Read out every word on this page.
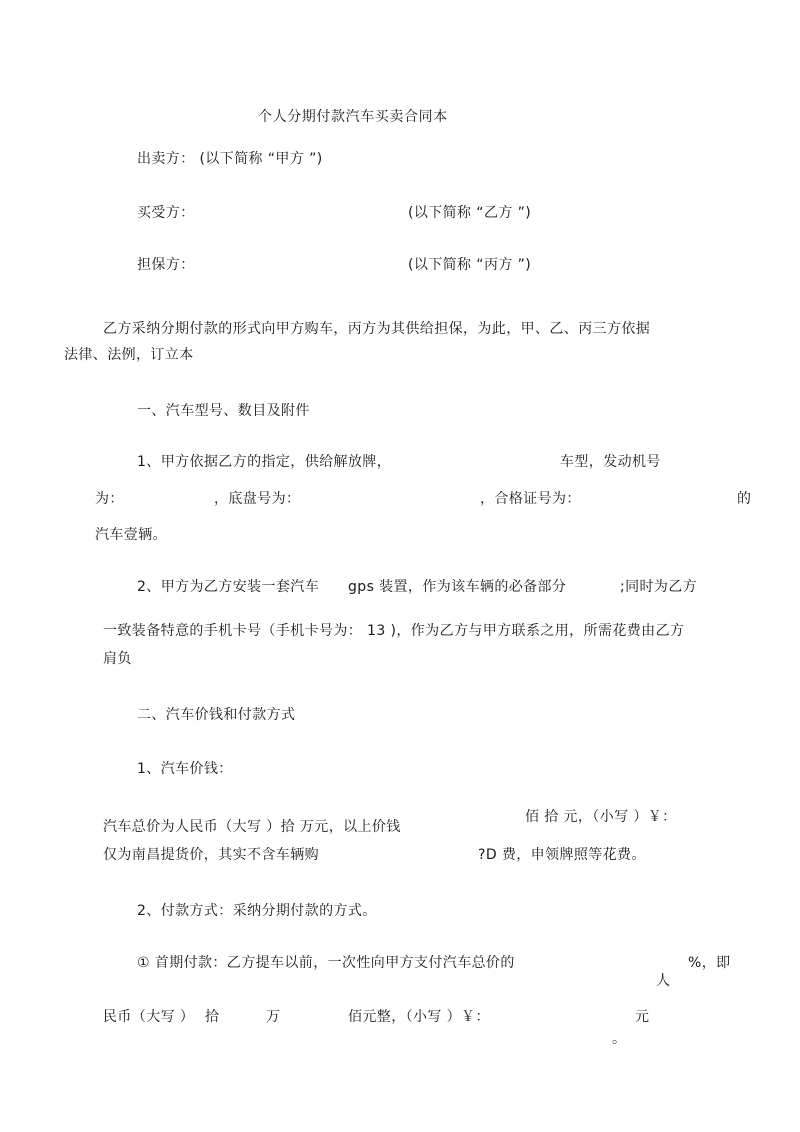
个人分期付款汽车买卖合同本
出卖方： (以下简称 “甲方 ”)
买受方：	(以下简称 “乙方 ”)
担保方：	(以下简称 “丙方 ”)
乙方采纳分期付款的形式向甲方购车，丙方为其供给担保，为此，甲、乙、丙三方依据
法律、法例，订立本
一、汽车型号、数目及附件
1、甲方依据乙方的指定，供给解放牌，	车型，发动机号
为：	，底盘号为：	，合格证号为：	的
汽车壹辆。
2、甲方为乙方安装一套汽车 gps 装置，作为该车辆的必备部分	;同时为乙方
一致装备特意的手机卡号（手机卡号为： 13 )，作为乙方与甲方联系之用，所需花费由乙方
肩负
二、汽车价钱和付款方式
1、汽车价钱：
佰 拾 元，（小写 ）￥：
汽车总价为人民币（大写 ）拾 万元，以上价钱
仅为南昌提货价，其实不含车辆购	?D 费，申领牌照等花费。
2、付款方式：采纳分期付款的方式。
① 首期付款：乙方提车以前，一次性向甲方支付汽车总价的	%，即
人
民币（大写 ） 拾	万	佰元整，（小写 ）￥：	元
。
